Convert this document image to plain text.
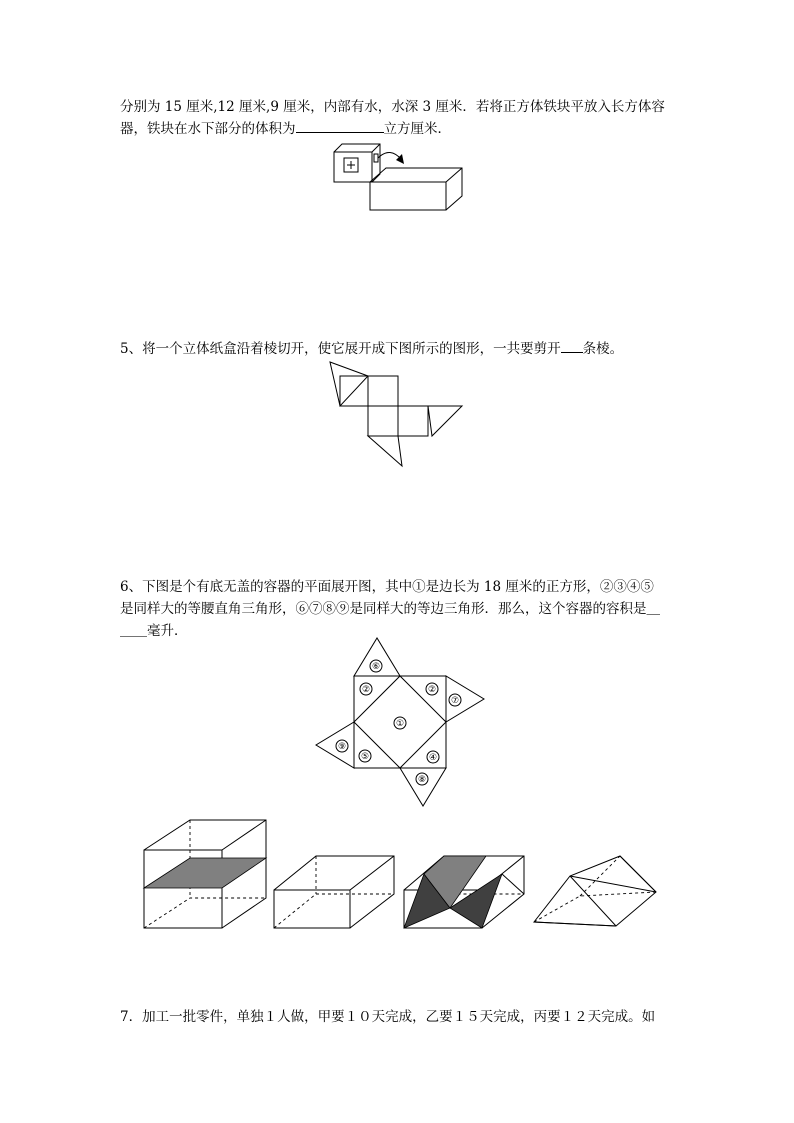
分别为 15 厘米,12 厘米,9 厘米，内部有水，水深 3 厘米．若将正方体铁块平放入长方体容
器，铁块在水下部分的体积为	立方厘米．

5、将一个立体纸盒沿着棱切开，使它展开成下图所示的图形，一共要剪开 条棱。

6、下图是个有底无盖的容器的平面展开图，其中①是边长为 18 厘米的正方形，②③④⑤
是同样大的等腰直角三角形，⑥⑦⑧⑨是同样大的等边三角形．那么，这个容器的容积是＿
＿＿毫升．

⑥
②	②
⑦
①
⑨
⑤	④
⑧

7．加工一批零件，单独１人做，甲要１０天完成，乙要１５天完成，丙要１２天完成。如
